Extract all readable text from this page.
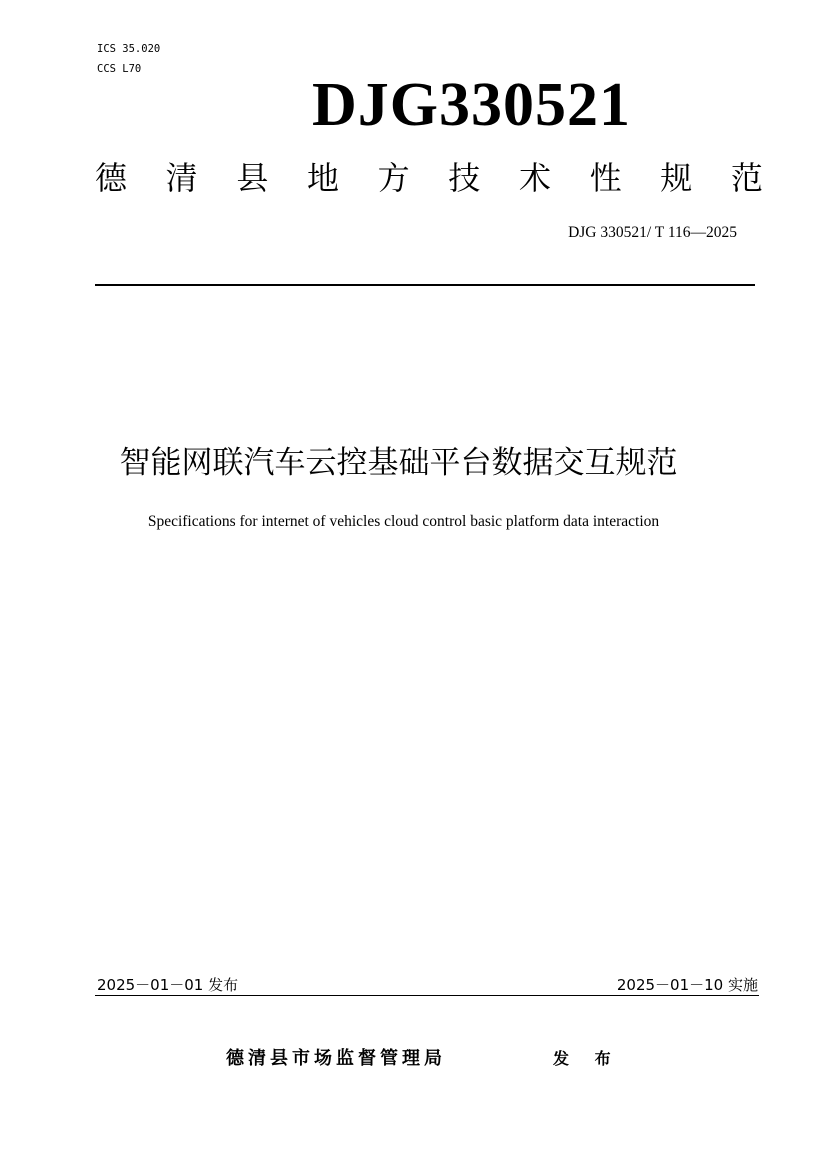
ICS 35.020
CCS L70
DJG330521
德 清 县 地 方 技 术 性 规 范
DJG 330521/ T 116—2025
智能网联汽车云控基础平台数据交互规范
Specifications for internet of vehicles cloud control basic platform data interaction
2025－01－01 发布	2025－01－10 实施
德清县市场监督管理局	发 布
